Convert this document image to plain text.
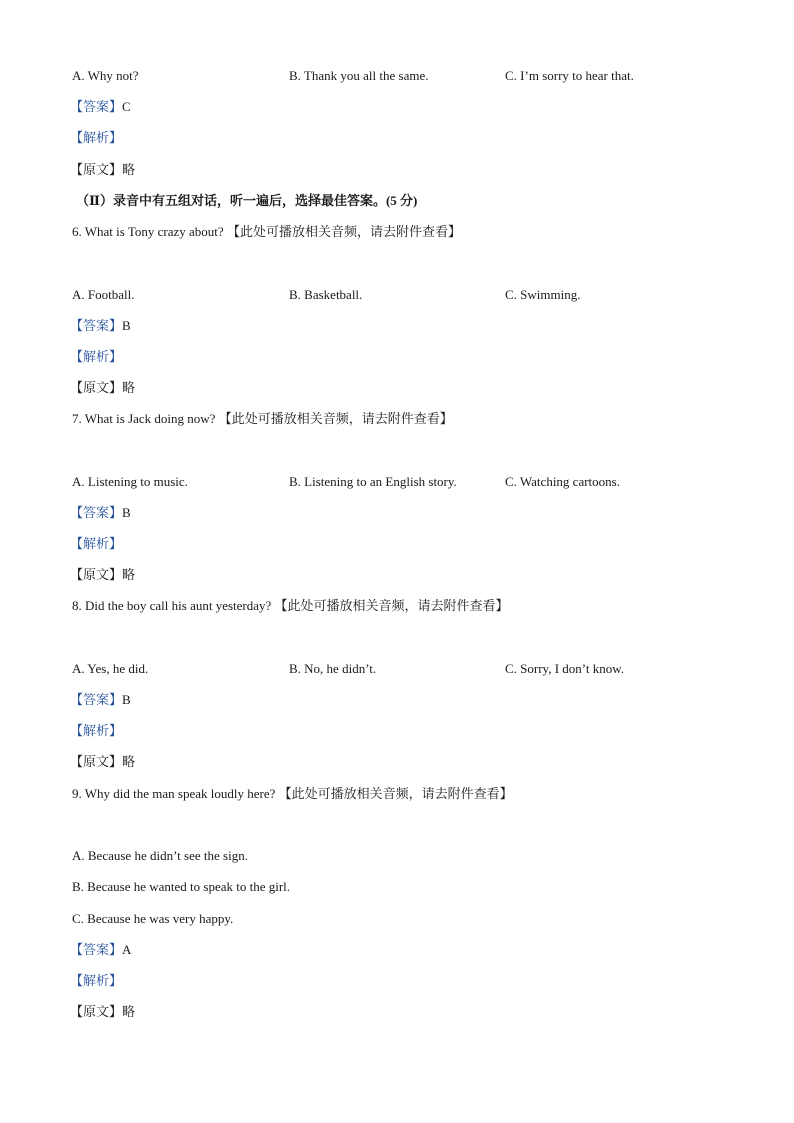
A. Why not?	B. Thank you all the same.	C. I’m sorry to hear that.
【答案】C
【解析】
【原文】略
（Ⅱ）录音中有五组对话，听一遍后，选择最佳答案。(5 分)
6. What is Tony crazy about? 【此处可播放相关音频，请去附件查看】
A. Football.	B. Basketball.	C. Swimming.
【答案】B
【解析】
【原文】略
7. What is Jack doing now? 【此处可播放相关音频，请去附件查看】
A. Listening to music.	B. Listening to an English story.	C. Watching cartoons.
【答案】B
【解析】
【原文】略
8. Did the boy call his aunt yesterday? 【此处可播放相关音频，请去附件查看】
A. Yes, he did.	B. No, he didn’t.	C. Sorry, I don’t know.
【答案】B
【解析】
【原文】略
9. Why did the man speak loudly here? 【此处可播放相关音频，请去附件查看】
A. Because he didn’t see the sign.
B. Because he wanted to speak to the girl.
C. Because he was very happy.
【答案】A
【解析】
【原文】略
